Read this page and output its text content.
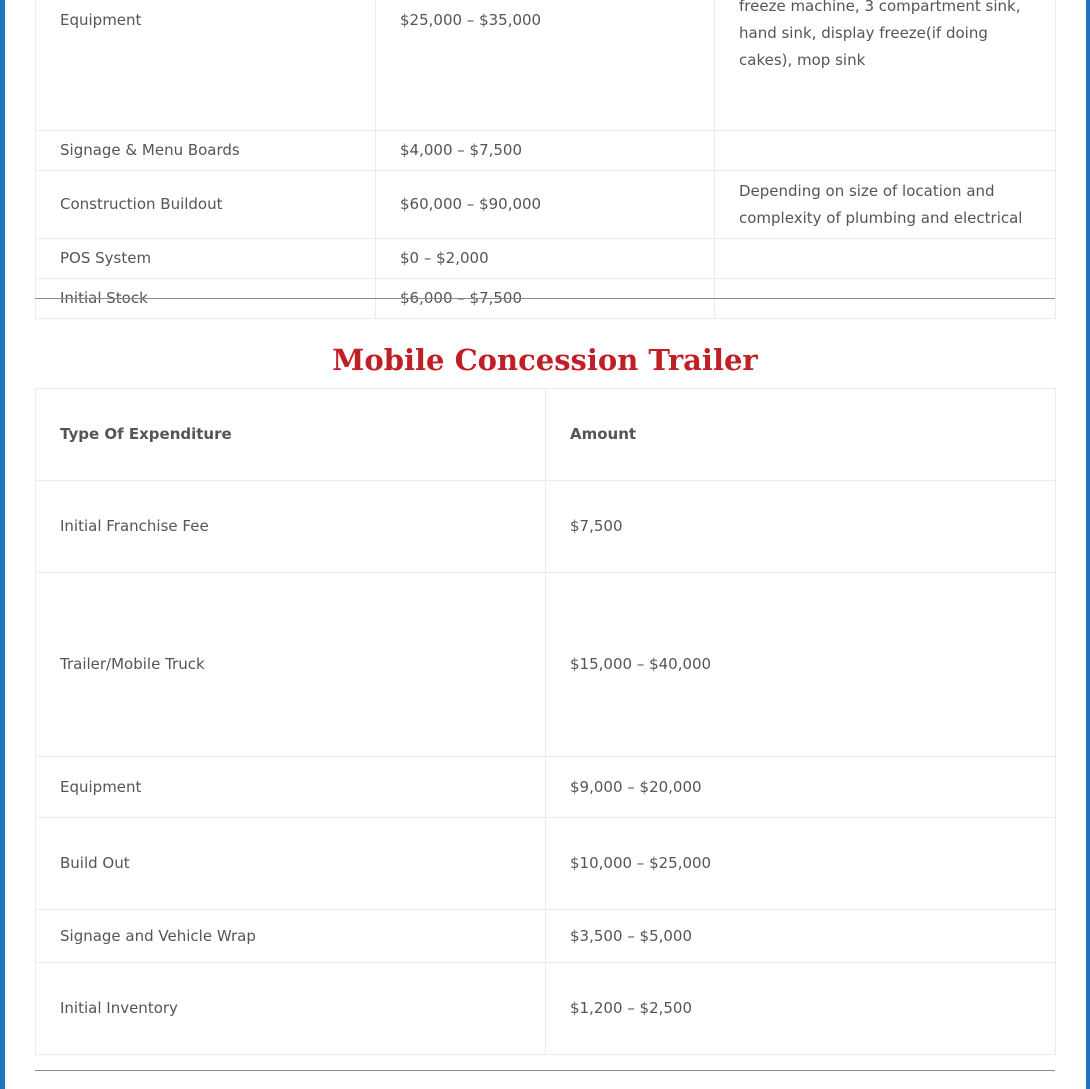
Equipment	$25,000 – $35,000	freeze machine, 3 compartment sink,
hand sink, display freeze(if doing
cakes), mop sink

Signage & Menu Boards	$4,000 – $7,500	
Construction Buildout	$60,000 – $90,000	Depending on size of location and
complexity of plumbing and electrical

POS System	$0 – $2,000	
Initial Stock	$6,000 – $7,500	
Mobile Concession Trailer
Type Of Expenditure	Amount
Initial Franchise Fee	$7,500
Trailer/Mobile Truck	$15,000 – $40,000
Equipment	$9,000 – $20,000
Build Out	$10,000 – $25,000
Signage and Vehicle Wrap	$3,500 – $5,000
Initial Inventory	$1,200 – $2,500
